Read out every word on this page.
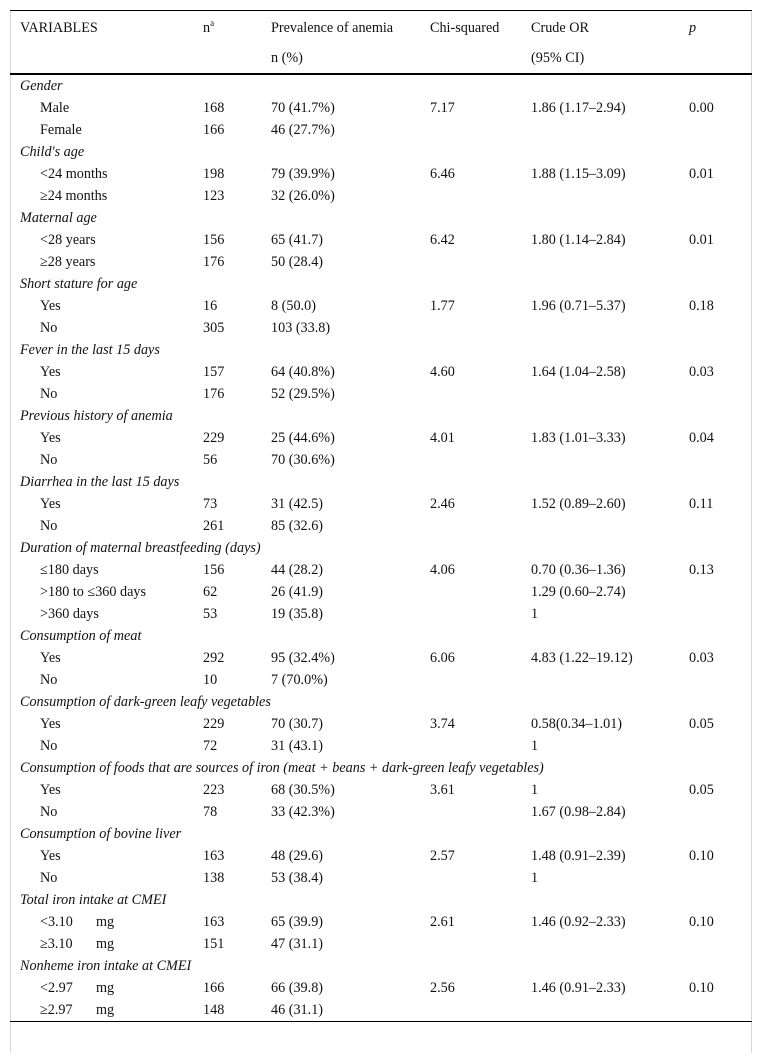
VARIABLES	$n^a$	Prevalence of anemia	Chi-squared	Crude OR	p
		n (%)		(95% CI)	
Gender					
Male	168	70 (41.7%)	7.17	1.86 (1.17–2.94)	0.00
Female	166	46 (27.7%)			
Child's age					
<24 months	198	79 (39.9%)	6.46	1.88 (1.15–3.09)	0.01
≥24 months	123	32 (26.0%)			
Maternal age					
<28 years	156	65 (41.7)	6.42	1.80 (1.14–2.84)	0.01
≥28 years	176	50 (28.4)			
Short stature for age					
Yes	16	8 (50.0)	1.77	1.96 (0.71–5.37)	0.18
No	305	103 (33.8)			
Fever in the last 15 days					
Yes	157	64 (40.8%)	4.60	1.64 (1.04–2.58)	0.03
No	176	52 (29.5%)			
Previous history of anemia					
Yes	229	25 (44.6%)	4.01	1.83 (1.01–3.33)	0.04
No	56	70 (30.6%)			
Diarrhea in the last 15 days					
Yes	73	31 (42.5)	2.46	1.52 (0.89–2.60)	0.11
No	261	85 (32.6)			
Duration of maternal breastfeeding (days)					
≤180 days	156	44 (28.2)	4.06	0.70 (0.36–1.36)	0.13
>180 to ≤360 days	62	26 (41.9)		1.29 (0.60–2.74)	
>360 days	53	19 (35.8)		1	
Consumption of meat					
Yes	292	95 (32.4%)	6.06	4.83 (1.22–19.12)	0.03
No	10	7 (70.0%)			
Consumption of dark-green leafy vegetables					
Yes	229	70 (30.7)	3.74	0.58(0.34–1.01)	0.05
No	72	31 (43.1)		1	
Consumption of foods that are sources of iron (meat + beans + dark-green leafy vegetables)					
Yes	223	68 (30.5%)	3.61	1	0.05
No	78	33 (42.3%)		1.67 (0.98–2.84)	
Consumption of bovine liver					
Yes	163	48 (29.6)	2.57	1.48 (0.91–2.39)	0.10
No	138	53 (38.4)		1	
Total iron intake at CMEI					
<3.10 mg	163	65 (39.9)	2.61	1.46 (0.92–2.33)	0.10
≥3.10 mg	151	47 (31.1)			
Nonheme iron intake at CMEI					
<2.97 mg	166	66 (39.8)	2.56	1.46 (0.91–2.33)	0.10
≥2.97 mg	148	46 (31.1)			
